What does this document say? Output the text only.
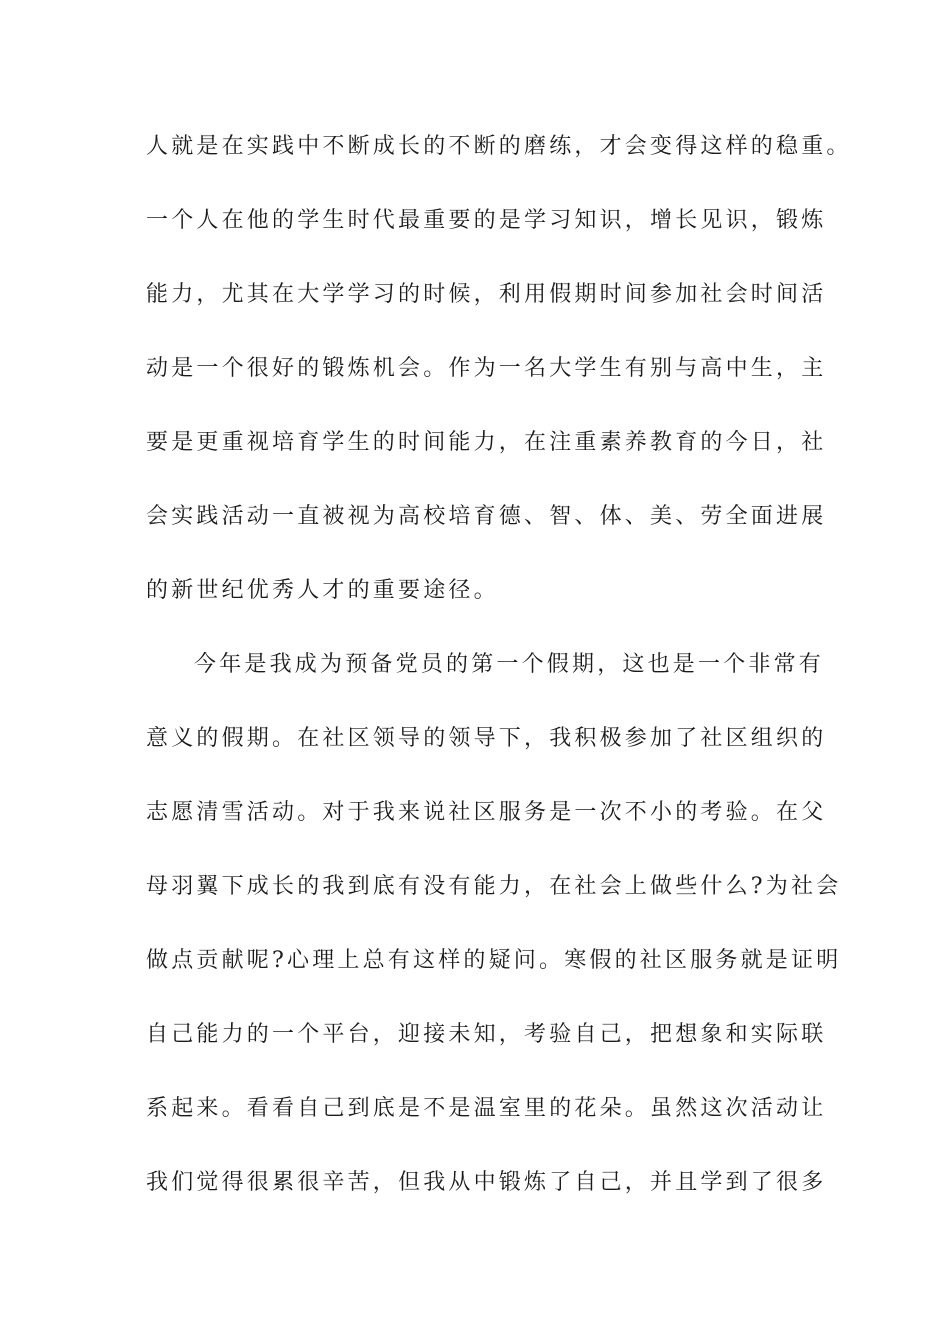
人就是在实践中不断成长的不断的磨练，才会变得这样的稳重。
一个人在他的学生时代最重要的是学习知识，增长见识，锻炼
能力，尤其在大学学习的时候，利用假期时间参加社会时间活
动是一个很好的锻炼机会。作为一名大学生有别与高中生，主
要是更重视培育学生的时间能力，在注重素养教育的今日，社
会实践活动一直被视为高校培育德、智、体、美、劳全面进展
的新世纪优秀人才的重要途径。
今年是我成为预备党员的第一个假期，这也是一个非常有
意义的假期。在社区领导的领导下，我积极参加了社区组织的
志愿清雪活动。对于我来说社区服务是一次不小的考验。在父
母羽翼下成长的我到底有没有能力，在社会上做些什么?为社会
做点贡献呢?心理上总有这样的疑问。寒假的社区服务就是证明
自己能力的一个平台，迎接未知，考验自己，把想象和实际联
系起来。看看自己到底是不是温室里的花朵。虽然这次活动让
我们觉得很累很辛苦，但我从中锻炼了自己，并且学到了很多
